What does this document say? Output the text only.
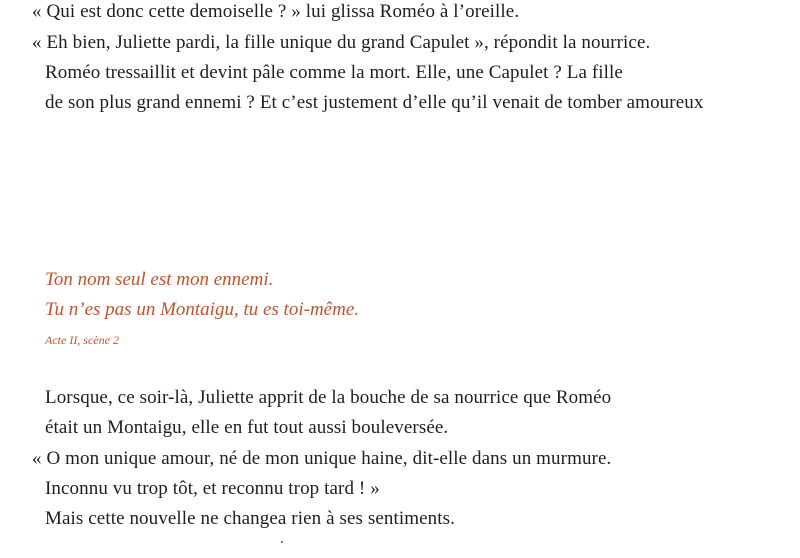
« Qui est donc cette demoiselle ? » lui glissa Roméo à l’oreille.
« Eh bien, Juliette pardi, la fille unique du grand Capulet », répondit la nourrice.
Roméo tressaillit et devint pâle comme la mort. Elle, une Capulet ? La fille
de son plus grand ennemi ? Et c’est justement d’elle qu’il venait de tomber amoureux
Ton nom seul est mon ennemi.
Tu n’es pas un Montaigu, tu es toi-même.
Acte II, scène 2
Lorsque, ce soir-là, Juliette apprit de la bouche de sa nourrice que Roméo
était un Montaigu, elle en fut tout aussi bouleversée.
« O mon unique amour, né de mon unique haine, dit-elle dans un murmure.
Inconnu vu trop tôt, et reconnu trop tard ! »
Mais cette nouvelle ne changea rien à ses sentiments.
